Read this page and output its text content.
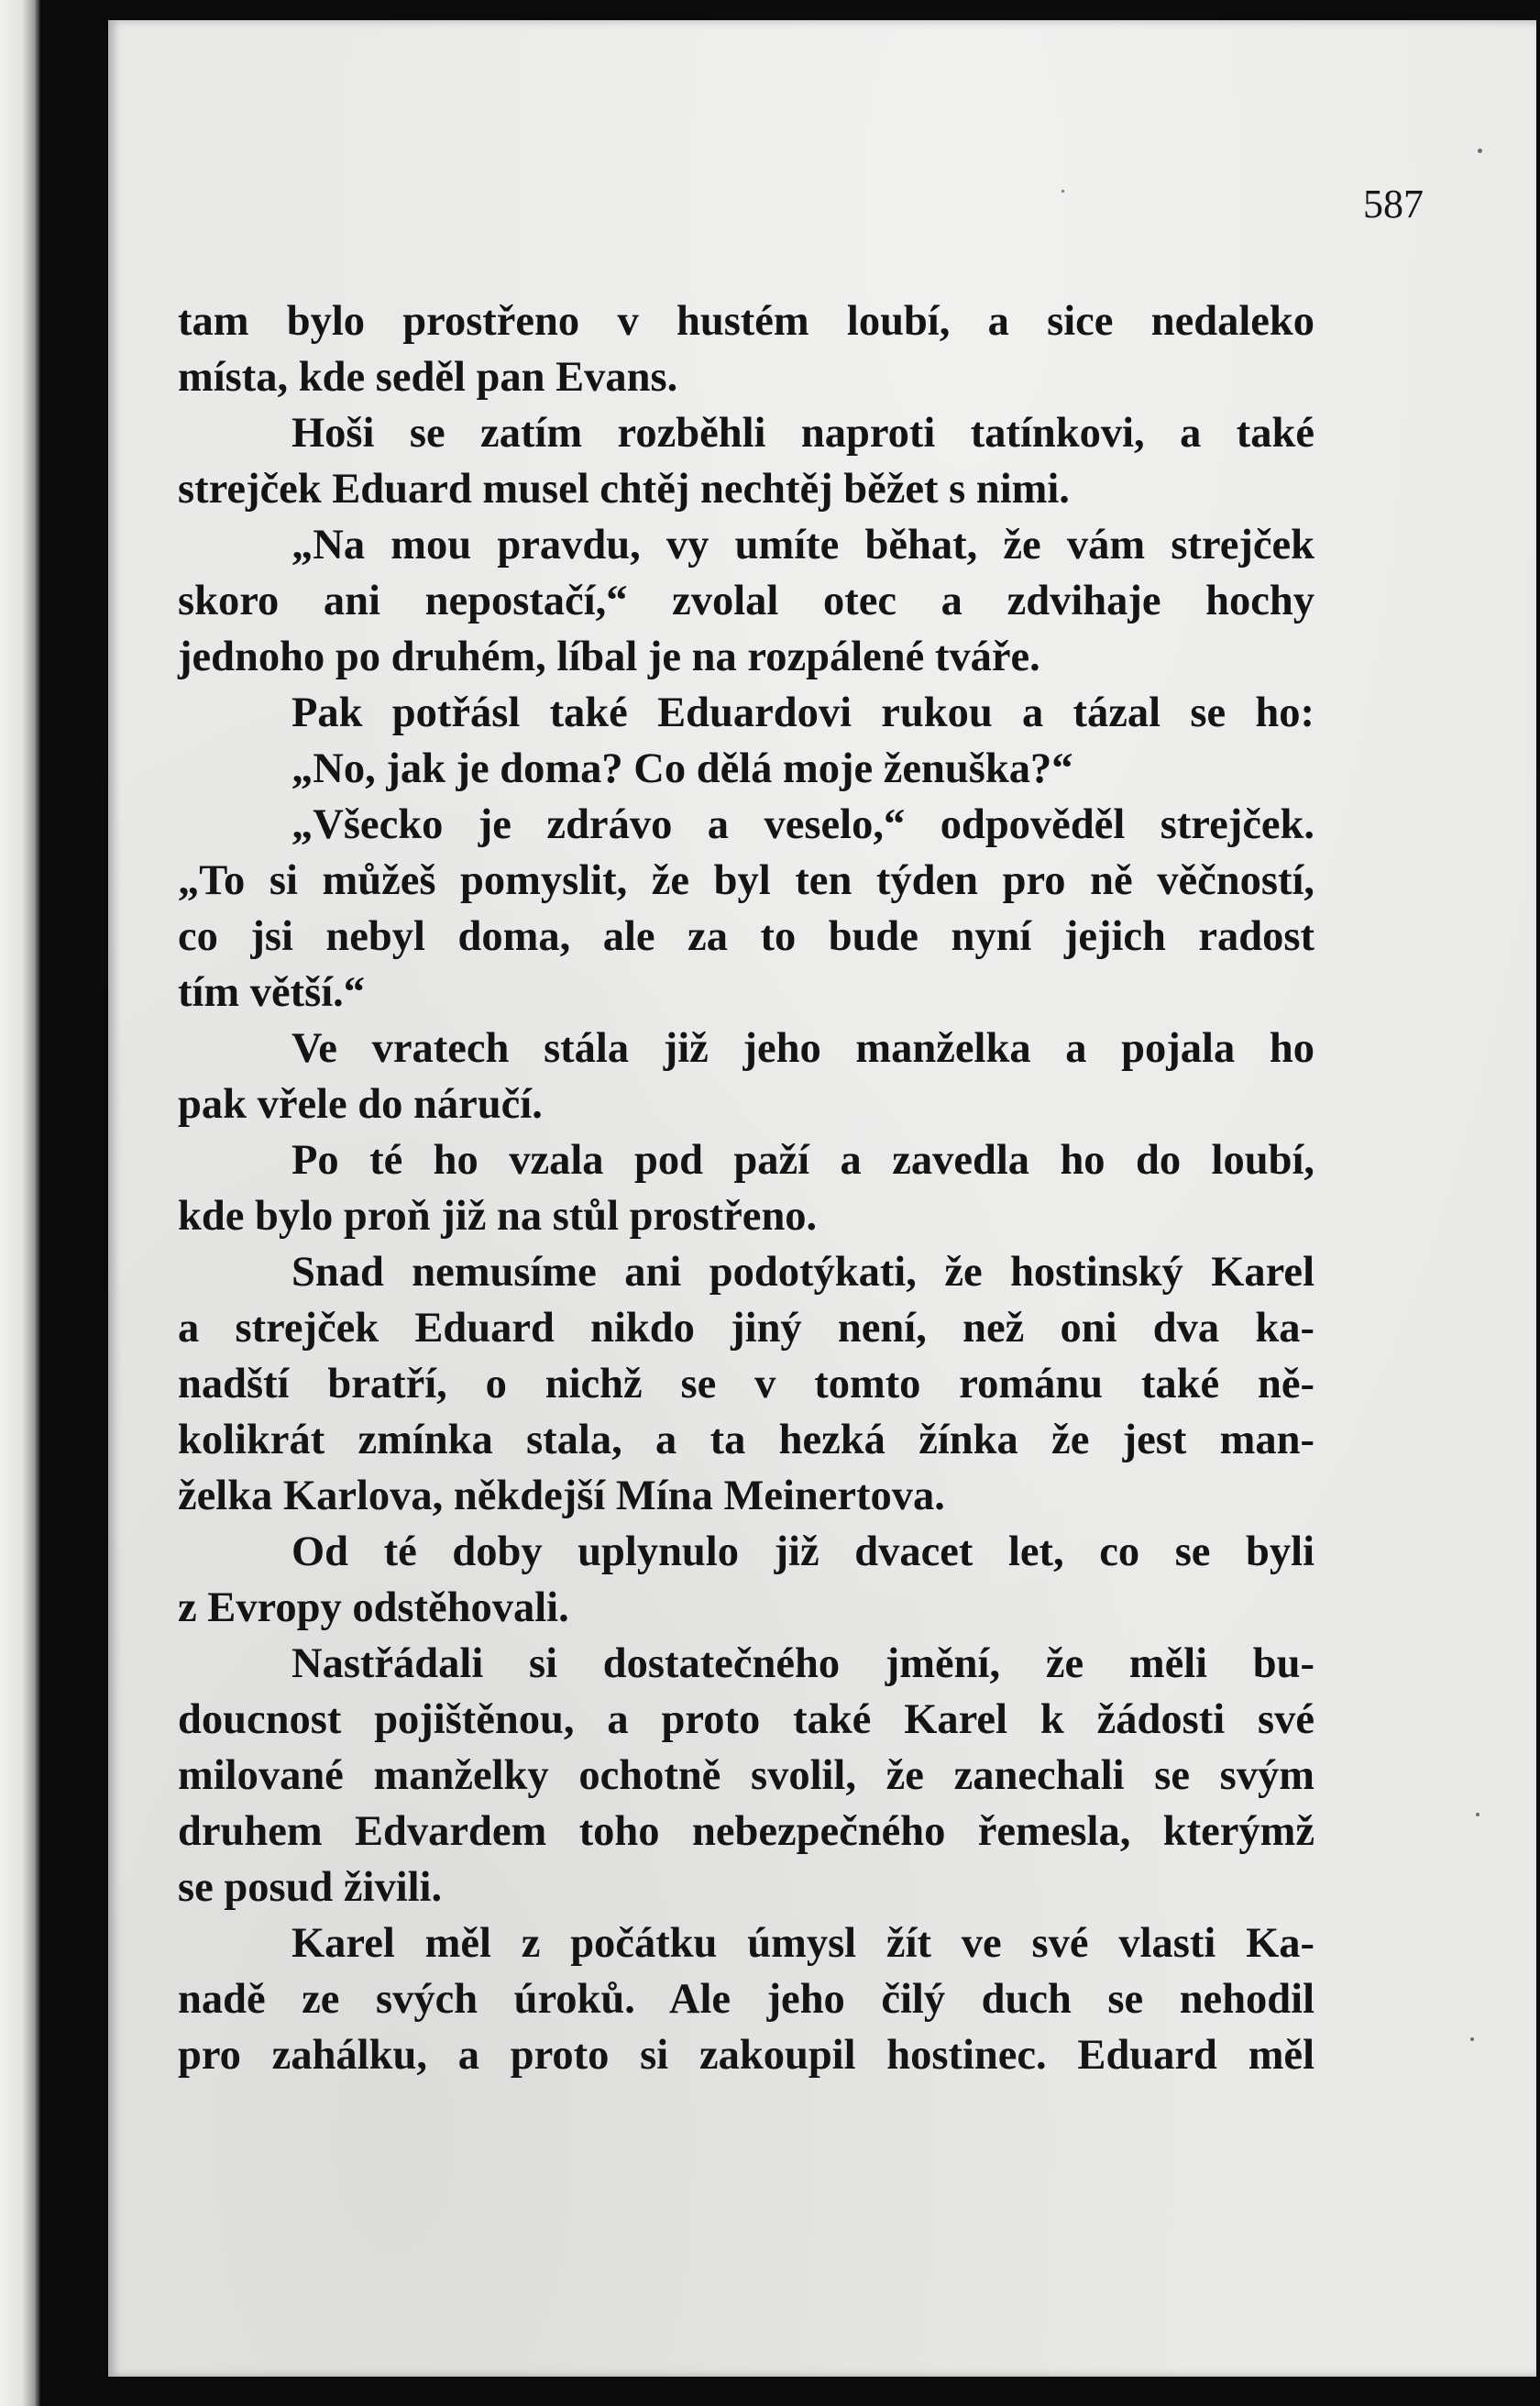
587
tam bylo prostřeno v hustém loubí, a sice nedaleko
místa, kde seděl pan Evans.
Hoši se zatím rozběhli naproti tatínkovi, a také
strejček Eduard musel chtěj nechtěj běžet s nimi.
„Na mou pravdu, vy umíte běhat, že vám strejček
skoro ani nepostačí,“ zvolal otec a zdvihaje hochy
jednoho po druhém, líbal je na rozpálené tváře.
Pak potřásl také Eduardovi rukou a tázal se ho:
„No, jak je doma? Co dělá moje ženuška?“
„Všecko je zdrávo a veselo,“ odpověděl strejček.
„To si můžeš pomyslit, že byl ten týden pro ně věčností,
co jsi nebyl doma, ale za to bude nyní jejich radost
tím větší.“
Ve vratech stála již jeho manželka a pojala ho
pak vřele do náručí.
Po té ho vzala pod paží a zavedla ho do loubí,
kde bylo proň již na stůl prostřeno.
Snad nemusíme ani podotýkati, že hostinský Karel
a strejček Eduard nikdo jiný není, než oni dva ka-
nadští bratří, o nichž se v tomto románu také ně-
kolikrát zmínka stala, a ta hezká žínka že jest man-
želka Karlova, někdejší Mína Meinertova.
Od té doby uplynulo již dvacet let, co se byli
z Evropy odstěhovali.
Nastřádali si dostatečného jmění, že měli bu-
doucnost pojištěnou, a proto také Karel k žádosti své
milované manželky ochotně svolil, že zanechali se svým
druhem Edvardem toho nebezpečného řemesla, kterýmž
se posud živili.
Karel měl z počátku úmysl žít ve své vlasti Ka-
nadě ze svých úroků. Ale jeho čilý duch se nehodil
pro zahálku, a proto si zakoupil hostinec. Eduard měl
